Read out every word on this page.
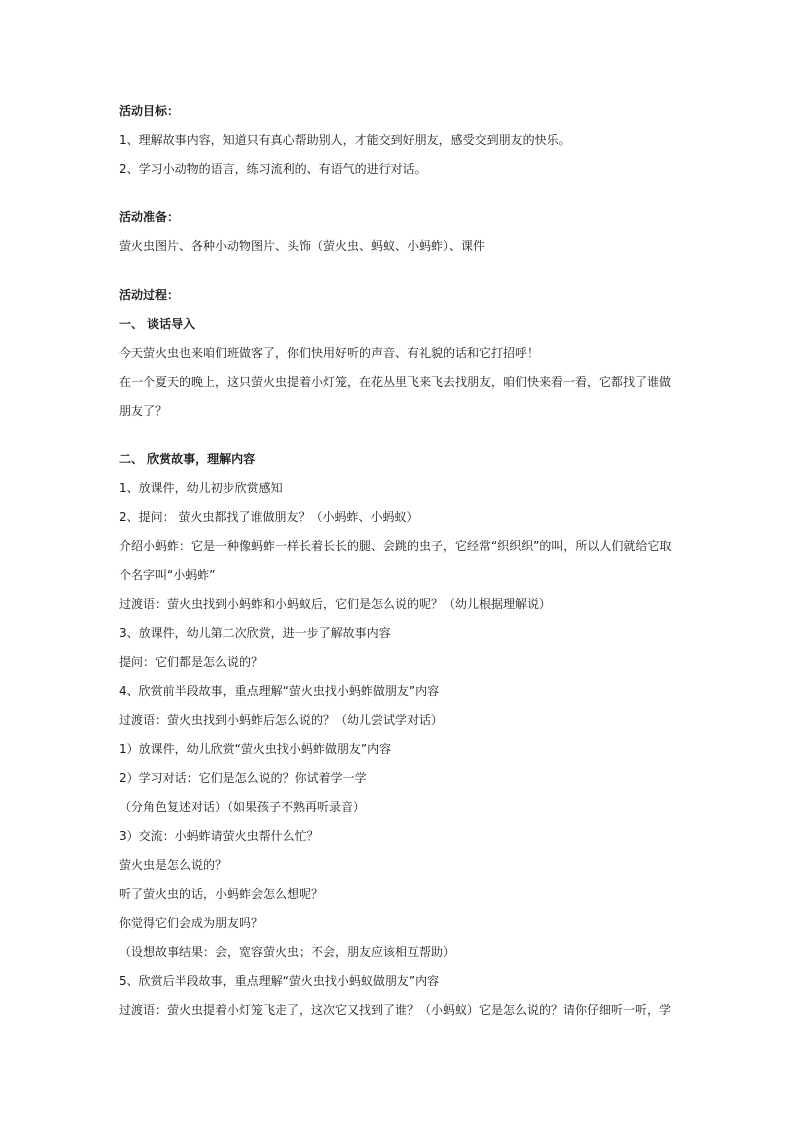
活动目标：
1、理解故事内容，知道只有真心帮助别人，才能交到好朋友，感受交到朋友的快乐。
2、学习小动物的语言，练习流利的、有语气的进行对话。
活动准备：
萤火虫图片、各种小动物图片、头饰（萤火虫、蚂蚁、小蚂蚱）、课件
活动过程：
一、 谈话导入
今天萤火虫也来咱们班做客了，你们快用好听的声音、有礼貌的话和它打招呼！
在一个夏天的晚上，这只萤火虫提着小灯笼，在花丛里飞来飞去找朋友，咱们快来看一看，它都找了谁做
朋友了？
二、 欣赏故事，理解内容
1、放课件，幼儿初步欣赏感知
2、提问： 萤火虫都找了谁做朋友？（小蚂蚱、小蚂蚁）
介绍小蚂蚱：它是一种像蚂蚱一样长着长长的腿、会跳的虫子，它经常“织织织”的叫，所以人们就给它取
个名字叫“小蚂蚱”
过渡语：萤火虫找到小蚂蚱和小蚂蚁后，它们是怎么说的呢？（幼儿根据理解说）
3、放课件，幼儿第二次欣赏，进一步了解故事内容
提问：它们都是怎么说的？
4、欣赏前半段故事，重点理解“萤火虫找小蚂蚱做朋友”内容
过渡语：萤火虫找到小蚂蚱后怎么说的？（幼儿尝试学对话）
1）放课件，幼儿欣赏“萤火虫找小蚂蚱做朋友”内容
2）学习对话：它们是怎么说的？你试着学一学
（分角色复述对话）（如果孩子不熟再听录音）
3）交流：小蚂蚱请萤火虫帮什么忙？
萤火虫是怎么说的？
听了萤火虫的话，小蚂蚱会怎么想呢？
你觉得它们会成为朋友吗？
（设想故事结果：会，宽容萤火虫；不会，朋友应该相互帮助）
5、欣赏后半段故事，重点理解“萤火虫找小蚂蚁做朋友”内容
过渡语：萤火虫提着小灯笼飞走了，这次它又找到了谁？（小蚂蚁）它是怎么说的？请你仔细听一听，学
